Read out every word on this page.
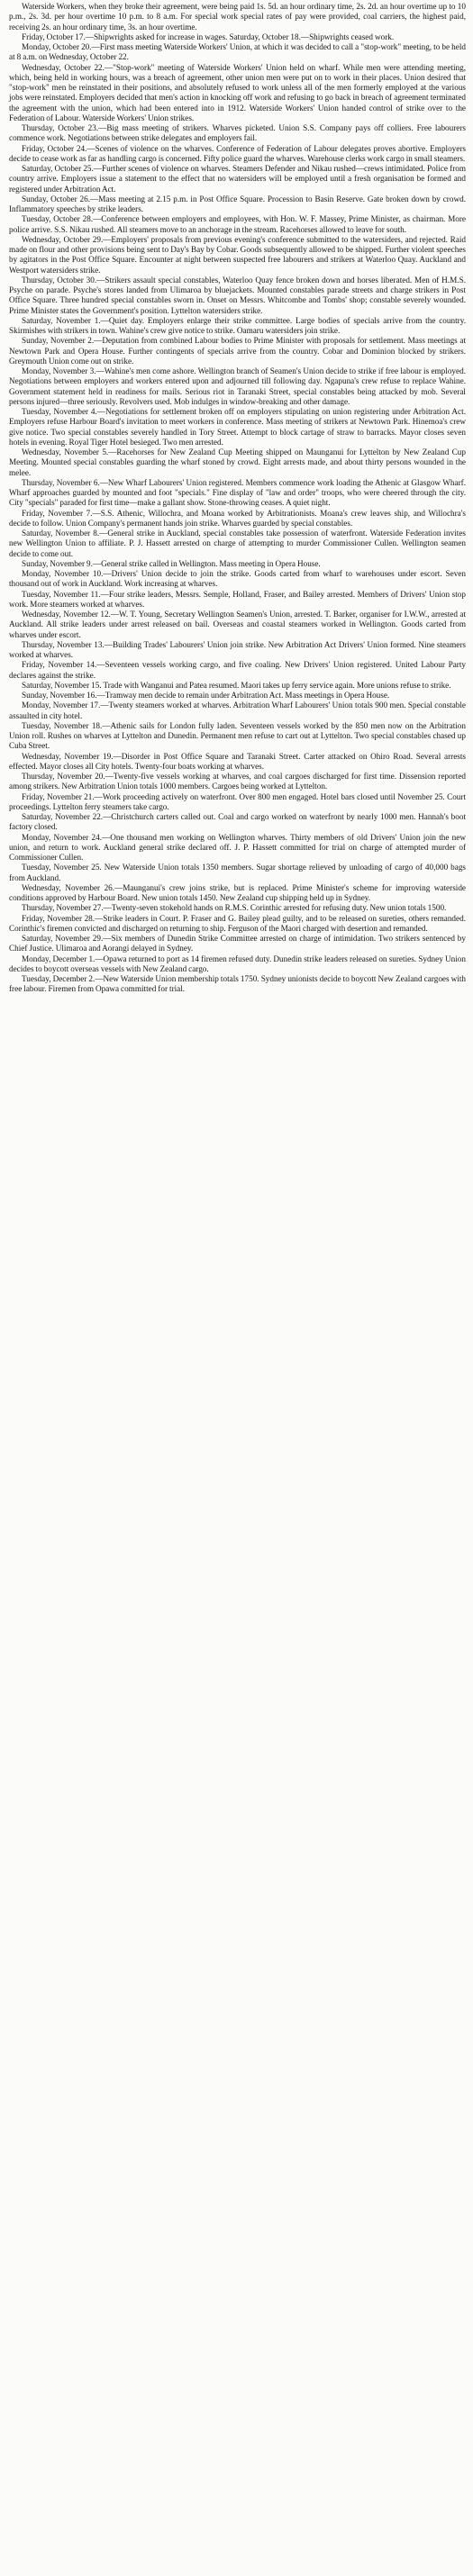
Waterside Workers, when they broke their agreement, were being paid 1s. 5d. an hour ordinary time, 2s. 2d. an hour overtime up to 10 p.m., 2s. 3d. per hour overtime 10 p.m. to 8 a.m. For special work special rates of pay were provided, coal carriers, the highest paid, receiving 2s. an hour ordinary time, 3s. an hour overtime.

Friday, October 17.—Shipwrights asked for increase in wages. Saturday, October 18.—Shipwrights ceased work.

Monday, October 20.—First mass meeting Waterside Workers' Union, at which it was decided to call a "stop-work" meeting, to be held at 8 a.m. on Wednesday, October 22.

Wednesday, October 22.—"Stop-work" meeting of Waterside Workers' Union held on wharf. While men were attending meeting, which, being held in working hours, was a breach of agreement, other union men were put on to work in their places. Union desired that "stop-work" men be reinstated in their positions, and absolutely refused to work unless all of the men formerly employed at the various jobs were reinstated. Employers decided that men's action in knocking off work and refusing to go back in breach of agreement terminated the agreement with the union, which had been entered into in 1912. Waterside Workers' Union handed control of strike over to the Federation of Labour. Waterside Workers' Union strikes.

Thursday, October 23.—Big mass meeting of strikers. Wharves picketed. Union S.S. Company pays off colliers. Free labourers commence work. Negotiations between strike delegates and employers fail.

Friday, October 24.—Scenes of violence on the wharves. Conference of Federation of Labour delegates proves abortive. Employers decide to cease work as far as handling cargo is concerned. Fifty police guard the wharves. Warehouse clerks work cargo in small steamers.

Saturday, October 25.—Further scenes of violence on wharves. Steamers Defender and Nikau rushed—crews intimidated. Police from country arrive. Employers issue a statement to the effect that no watersiders will be employed until a fresh organisation be formed and registered under Arbitration Act.

Sunday, October 26.—Mass meeting at 2.15 p.m. in Post Office Square. Procession to Basin Reserve. Gate broken down by crowd. Inflammatory speeches by strike leaders.

Tuesday, October 28.—Conference between employers and employees, with Hon. W. F. Massey, Prime Minister, as chairman. More police arrive. S.S. Nikau rushed. All steamers move to an anchorage in the stream. Racehorses allowed to leave for south.

Wednesday, October 29.—Employers' proposals from previous evening's conference submitted to the watersiders, and rejected. Raid made on flour and other provisions being sent to Day's Bay by Cobar. Goods subsequently allowed to be shipped. Further violent speeches by agitators in the Post Office Square. Encounter at night between suspected free labourers and strikers at Waterloo Quay. Auckland and Westport watersiders strike.

Thursday, October 30.—Strikers assault special constables, Waterloo Quay fence broken down and horses liberated. Men of H.M.S. Psyche on parade. Psyche's stores landed from Ulimaroa by bluejackets. Mounted constables parade streets and charge strikers in Post Office Square. Three hundred special constables sworn in. Onset on Messrs. Whitcombe and Tombs' shop; constable severely wounded. Prime Minister states the Government's position. Lyttelton watersiders strike.

Saturday, November 1.—Quiet day. Employers enlarge their strike committee. Large bodies of specials arrive from the country. Skirmishes with strikers in town. Wahine's crew give notice to strike. Oamaru watersiders join strike.

Sunday, November 2.—Deputation from combined Labour bodies to Prime Minister with proposals for settlement. Mass meetings at Newtown Park and Opera House. Further contingents of specials arrive from the country. Cobar and Dominion blocked by strikers. Greymouth Union come out on strike.

Monday, November 3.—Wahine's men come ashore. Wellington branch of Seamen's Union decide to strike if free labour is employed. Negotiations between employers and workers entered upon and adjourned till following day. Ngapuna's crew refuse to replace Wahine. Government statement held in readiness for mails. Serious riot in Taranaki Street, special constables being attacked by mob. Several persons injured—three seriously. Revolvers used. Mob indulges in window-breaking and other damage.

Tuesday, November 4.—Negotiations for settlement broken off on employers stipulating on union registering under Arbitration Act. Employers refuse Harbour Board's invitation to meet workers in conference. Mass meeting of strikers at Newtown Park. Hinemoa's crew give notice. Two special constables severely handled in Tory Street. Attempt to block cartage of straw to barracks. Mayor closes seven hotels in evening. Royal Tiger Hotel besieged. Two men arrested.

Wednesday, November 5.—Racehorses for New Zealand Cup Meeting shipped on Maunganui for Lyttelton by New Zealand Cup Meeting. Mounted special constables guarding the wharf stoned by crowd. Eight arrests made, and about thirty persons wounded in the melee.

Thursday, November 6.—New Wharf Labourers' Union registered. Members commence work loading the Athenic at Glasgow Wharf. Wharf approaches guarded by mounted and foot "specials." Fine display of "law and order" troops, who were cheered through the city. City "specials" paraded for first time—make a gallant show. Stone-throwing ceases. A quiet night.

Friday, November 7.—S.S. Athenic, Willochra, and Moana worked by Arbitrationists. Moana's crew leaves ship, and Willochra's decide to follow. Union Company's permanent hands join strike. Wharves guarded by special constables.

Saturday, November 8.—General strike in Auckland, special constables take possession of waterfront. Waterside Federation invites new Wellington Union to affiliate. P. J. Hassett arrested on charge of attempting to murder Commissioner Cullen. Wellington seamen decide to come out.

Sunday, November 9.—General strike called in Wellington. Mass meeting in Opera House.

Monday, November 10.—Drivers' Union decide to join the strike. Goods carted from wharf to warehouses under escort. Seven thousand out of work in Auckland. Work increasing at wharves.

Tuesday, November 11.—Four strike leaders, Messrs. Semple, Holland, Fraser, and Bailey arrested. Members of Drivers' Union stop work. More steamers worked at wharves.

Wednesday, November 12.—W. T. Young, Secretary Wellington Seamen's Union, arrested. T. Barker, organiser for I.W.W., arrested at Auckland. All strike leaders under arrest released on bail. Overseas and coastal steamers worked in Wellington. Goods carted from wharves under escort.

Thursday, November 13.—Building Trades' Labourers' Union join strike. New Arbitration Act Drivers' Union formed. Nine steamers worked at wharves.

Friday, November 14.—Seventeen vessels working cargo, and five coaling. New Drivers' Union registered. United Labour Party declares against the strike.

Saturday, November 15. Trade with Wanganui and Patea resumed. Maori takes up ferry service again. More unions refuse to strike.

Sunday, November 16.—Tramway men decide to remain under Arbitration Act. Mass meetings in Opera House.

Monday, November 17.—Twenty steamers worked at wharves. Arbitration Wharf Labourers' Union totals 900 men. Special constable assaulted in city hotel.

Tuesday, November 18.—Athenic sails for London fully laden. Seventeen vessels worked by the 850 men now on the Arbitration Union roll. Rushes on wharves at Lyttelton and Dunedin. Permanent men refuse to cart out at Lyttelton. Two special constables chased up Cuba Street.

Wednesday, November 19.—Disorder in Post Office Square and Taranaki Street. Carter attacked on Ohiro Road. Several arrests effected. Mayor closes all City hotels. Twenty-four boats working at wharves.

Thursday, November 20.—Twenty-five vessels working at wharves, and coal cargoes discharged for first time. Dissension reported among strikers. New Arbitration Union totals 1000 members. Cargoes being worked at Lyttelton.

Friday, November 21.—Work proceeding actively on waterfront. Over 800 men engaged. Hotel bars closed until November 25. Court proceedings. Lyttelton ferry steamers take cargo.

Saturday, November 22.—Christchurch carters called out. Coal and cargo worked on waterfront by nearly 1000 men. Hannah's boot factory closed.

Monday, November 24.—One thousand men working on Wellington wharves. Thirty members of old Drivers' Union join the new union, and return to work. Auckland general strike declared off. J. P. Hassett committed for trial on charge of attempted murder of Commissioner Cullen.

Tuesday, November 25. New Waterside Union totals 1350 members. Sugar shortage relieved by unloading of cargo of 40,000 bags from Auckland.

Wednesday, November 26.—Maunganui's crew joins strike, but is replaced. Prime Minister's scheme for improving waterside conditions approved by Harbour Board. New union totals 1450. New Zealand cup shipping held up in Sydney.

Thursday, November 27.—Twenty-seven stokehold hands on R.M.S. Corinthic arrested for refusing duty. New union totals 1500.

Friday, November 28.—Strike leaders in Court. P. Fraser and G. Bailey plead guilty, and to be released on sureties, others remanded. Corinthic's firemen convicted and discharged on returning to ship. Ferguson of the Maori charged with desertion and remanded.

Saturday, November 29.—Six members of Dunedin Strike Committee arrested on charge of intimidation. Two strikers sentenced by Chief Justice. Ulimaroa and Aorangi delayed in Sydney.

Monday, December 1.—Opawa returned to port as 14 firemen refused duty. Dunedin strike leaders released on sureties. Sydney Union decides to boycott overseas vessels with New Zealand cargo.

Tuesday, December 2.—New Waterside Union membership totals 1750. Sydney unionists decide to boycott New Zealand cargoes with free labour. Firemen from Opawa committed for trial.
